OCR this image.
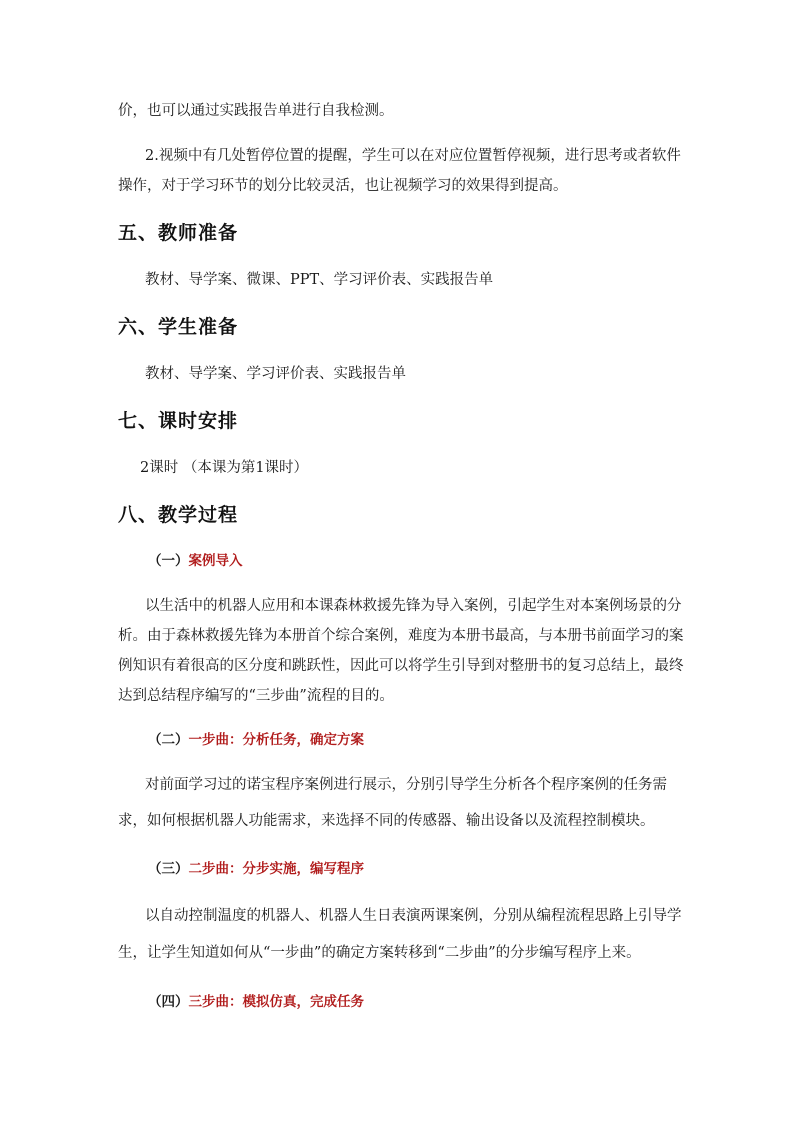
价，也可以通过实践报告单进行自我检测。
2.视频中有几处暂停位置的提醒，学生可以在对应位置暂停视频，进行思考或者软件
操作，对于学习环节的划分比较灵活，也让视频学习的效果得到提高。
五、教师准备
教材、导学案、微课、PPT、学习评价表、实践报告单
六、学生准备
教材、导学案、学习评价表、实践报告单
七、课时安排
2课时 （本课为第1课时）
八、教学过程
（一）案例导入
以生活中的机器人应用和本课森林救援先锋为导入案例，引起学生对本案例场景的分
析。由于森林救援先锋为本册首个综合案例，难度为本册书最高，与本册书前面学习的案
例知识有着很高的区分度和跳跃性，因此可以将学生引导到对整册书的复习总结上，最终
达到总结程序编写的“三步曲”流程的目的。
（二）一步曲：分析任务，确定方案
对前面学习过的诺宝程序案例进行展示，分别引导学生分析各个程序案例的任务需
求，如何根据机器人功能需求，来选择不同的传感器、输出设备以及流程控制模块。
（三）二步曲：分步实施，编写程序
以自动控制温度的机器人、机器人生日表演两课案例，分别从编程流程思路上引导学
生，让学生知道如何从“一步曲”的确定方案转移到“二步曲”的分步编写程序上来。
（四）三步曲：模拟仿真，完成任务
